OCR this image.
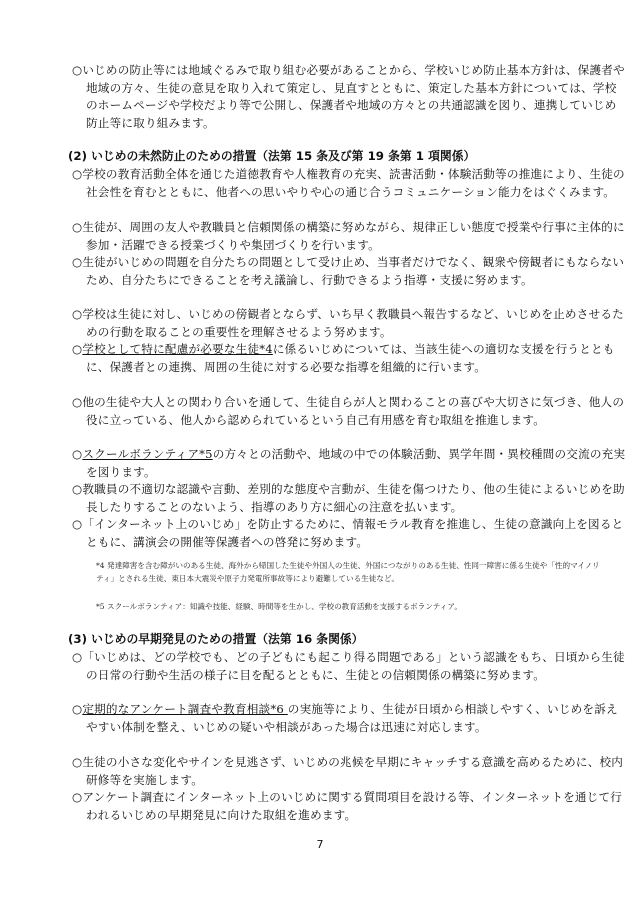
○いじめの防止等には地域ぐるみで取り組む必要があることから、学校いじめ防止基本方針は、保護者や地域の方々、生徒の意見を取り入れて策定し、見直すとともに、策定した基本方針については、学校のホームページや学校だより等で公開し、保護者や地域の方々との共通認識を図り、連携していじめ防止等に取り組みます。
(2) いじめの未然防止のための措置（法第 15 条及び第 19 条第 1 項関係）
○学校の教育活動全体を通じた道徳教育や人権教育の充実、読書活動・体験活動等の推進により、生徒の社会性を育むとともに、他者への思いやりや心の通じ合うコミュニケーション能力をはぐくみます。
○生徒が、周囲の友人や教職員と信頼関係の構築に努めながら、規律正しい態度で授業や行事に主体的に参加・活躍できる授業づくりや集団づくりを行います。
○生徒がいじめの問題を自分たちの問題として受け止め、当事者だけでなく、観衆や傍観者にもならないため、自分たちにできることを考え議論し、行動できるよう指導・支援に努めます。
○学校は生徒に対し、いじめの傍観者とならず、いち早く教職員へ報告するなど、いじめを止めさせるための行動を取ることの重要性を理解させるよう努めます。
○学校として特に配慮が必要な生徒*4に係るいじめについては、当該生徒への適切な支援を行うとともに、保護者との連携、周囲の生徒に対する必要な指導を組織的に行います。
○他の生徒や大人との関わり合いを通して、生徒自らが人と関わることの喜びや大切さに気づき、他人の役に立っている、他人から認められているという自己有用感を育む取組を推進します。
○スクールボランティア*5の方々との活動や、地域の中での体験活動、異学年間・異校種間の交流の充実を図ります。
○教職員の不適切な認識や言動、差別的な態度や言動が、生徒を傷つけたり、他の生徒によるいじめを助長したりすることのないよう、指導のあり方に細心の注意を払います。
○「インターネット上のいじめ」を防止するために、情報モラル教育を推進し、生徒の意識向上を図るとともに、講演会の開催等保護者への啓発に努めます。
*4 発達障害を含む障がいのある生徒、海外から帰国した生徒や外国人の生徒、外国につながりのある生徒、性同一障害に係る生徒や「性的マイノリティ」とされる生徒、東日本大震災や原子力発電所事故等により避難している生徒など。
*5 スクールボランティア：知識や技能、経験、時間等を生かし、学校の教育活動を支援するボランティア。
(3) いじめの早期発見のための措置（法第 16 条関係）
○「いじめは、どの学校でも、どの子どもにも起こり得る問題である」という認識をもち、日頃から生徒の日常の行動や生活の様子に目を配るとともに、生徒との信頼関係の構築に努めます。
○定期的なアンケート調査や教育相談*6 の実施等により、生徒が日頃から相談しやすく、いじめを訴えやすい体制を整え、いじめの疑いや相談があった場合は迅速に対応します。
○生徒の小さな変化やサインを見逃さず、いじめの兆候を早期にキャッチする意識を高めるために、校内研修等を実施します。
○アンケート調査にインターネット上のいじめに関する質問項目を設ける等、インターネットを通じて行われるいじめの早期発見に向けた取組を進めます。
7
